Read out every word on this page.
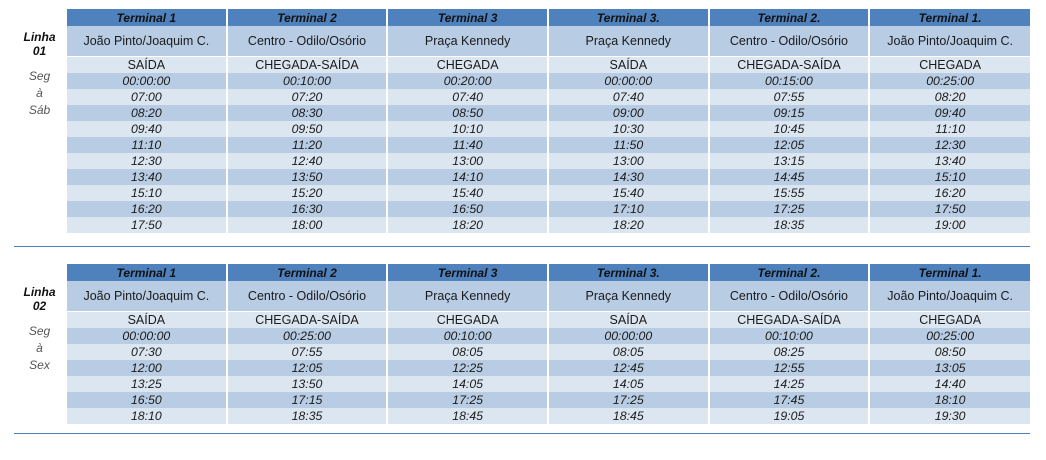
	Terminal 1	Terminal 2	Terminal 3	Terminal 3.	Terminal 2.	Terminal 1.

Linha
01
Seg
à
Sáb	João Pinto/Joaquim C.	Centro - Odilo/Osório	Praça Kennedy	Praça Kennedy	Centro - Odilo/Osório	João Pinto/Joaquim C.
	SAÍDA	CHEGADA-SAÍDA	CHEGADA	SAÍDA	CHEGADA-SAÍDA	CHEGADA
	00:00:00	00:10:00	00:20:00	00:00:00	00:15:00	00:25:00
	07:00	07:20	07:40	07:40	07:55	08:20
	08:20	08:30	08:50	09:00	09:15	09:40
	09:40	09:50	10:10	10:30	10:45	11:10
	11:10	11:20	11:40	11:50	12:05	12:30
	12:30	12:40	13:00	13:00	13:15	13:40
	13:40	13:50	14:10	14:30	14:45	15:10
	15:10	15:20	15:40	15:40	15:55	16:20
	16:20	16:30	16:50	17:10	17:25	17:50
	17:50	18:00	18:20	18:20	18:35	19:00
	Terminal 1	Terminal 2	Terminal 3	Terminal 3.	Terminal 2.	Terminal 1.

Linha
02
Seg
à
Sex	João Pinto/Joaquim C.	Centro - Odilo/Osório	Praça Kennedy	Praça Kennedy	Centro - Odilo/Osório	João Pinto/Joaquim C.
	SAÍDA	CHEGADA-SAÍDA	CHEGADA	SAÍDA	CHEGADA-SAÍDA	CHEGADA
	00:00:00	00:25:00	00:10:00	00:00:00	00:10:00	00:25:00
	07:30	07:55	08:05	08:05	08:25	08:50
	12:00	12:05	12:25	12:45	12:55	13:05
	13:25	13:50	14:05	14:05	14:25	14:40
	16:50	17:15	17:25	17:25	17:45	18:10
	18:10	18:35	18:45	18:45	19:05	19:30
